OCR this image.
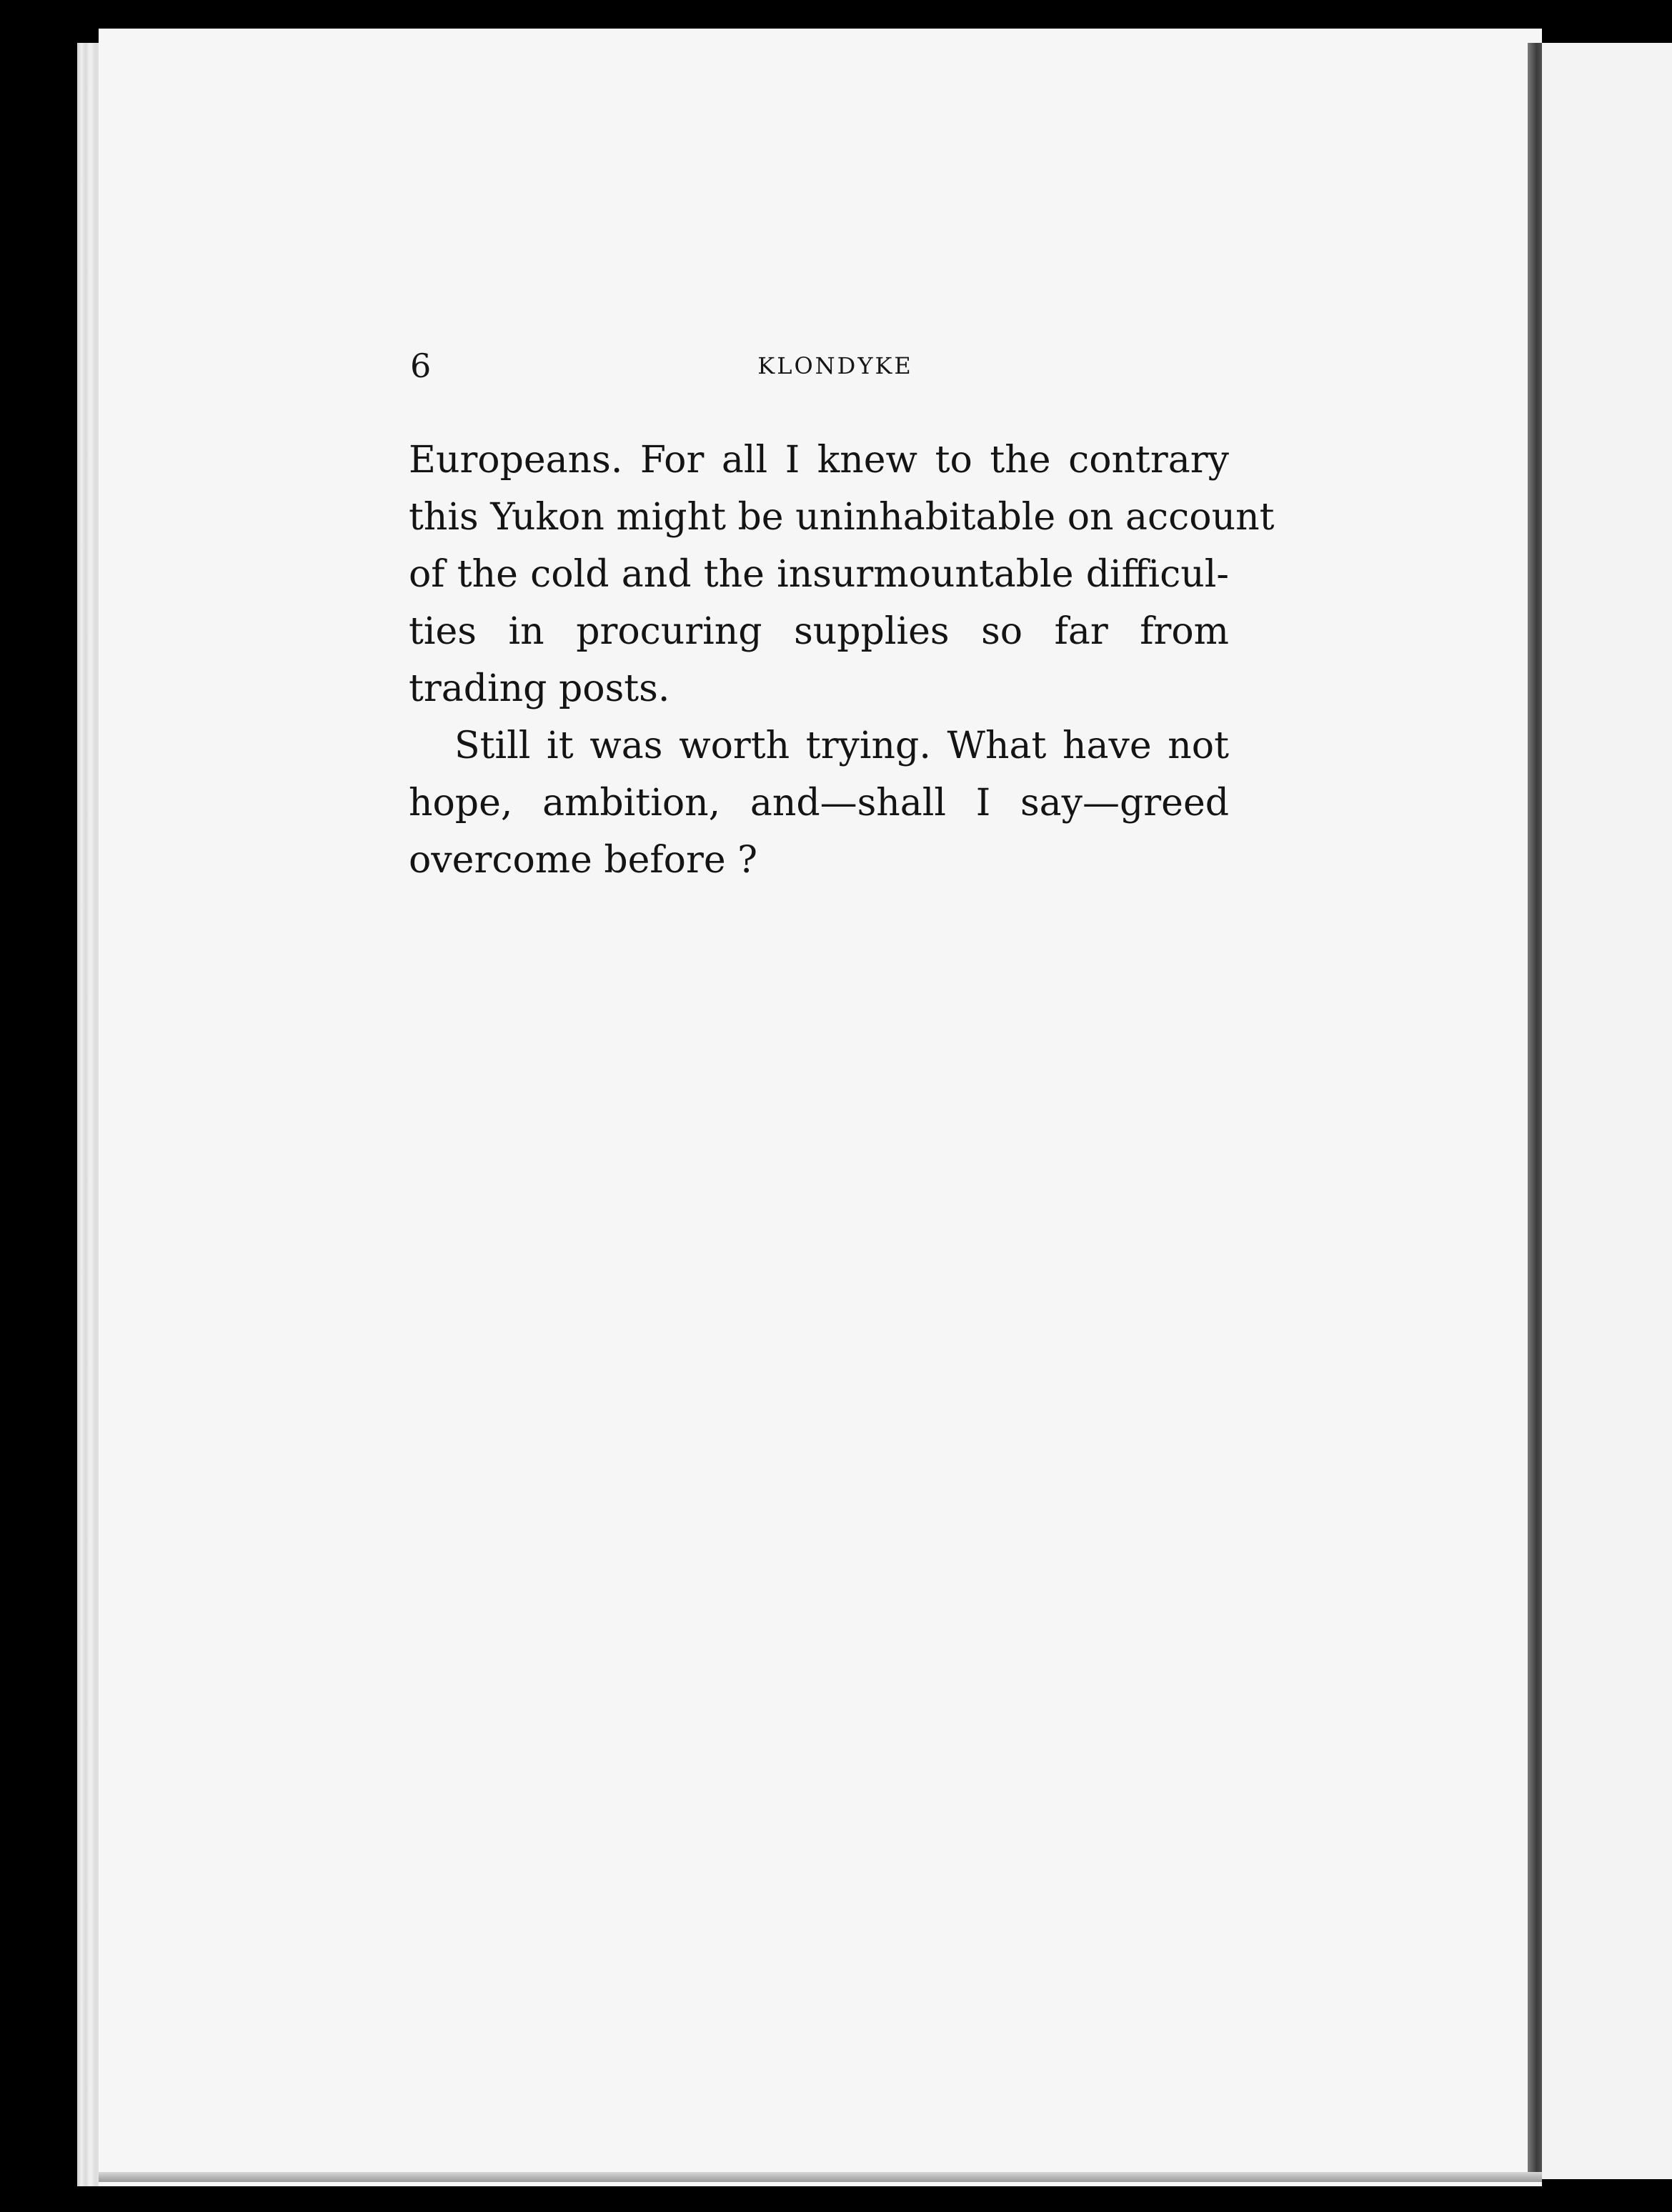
6	KLONDYKE
Europeans. For all I knew to the contrary
this Yukon might be uninhabitable on account
of the cold and the insurmountable difficul-
ties in procuring supplies so far from
trading posts.
Still it was worth trying. What have not
hope, ambition, and—shall I say—greed
overcome before ?
